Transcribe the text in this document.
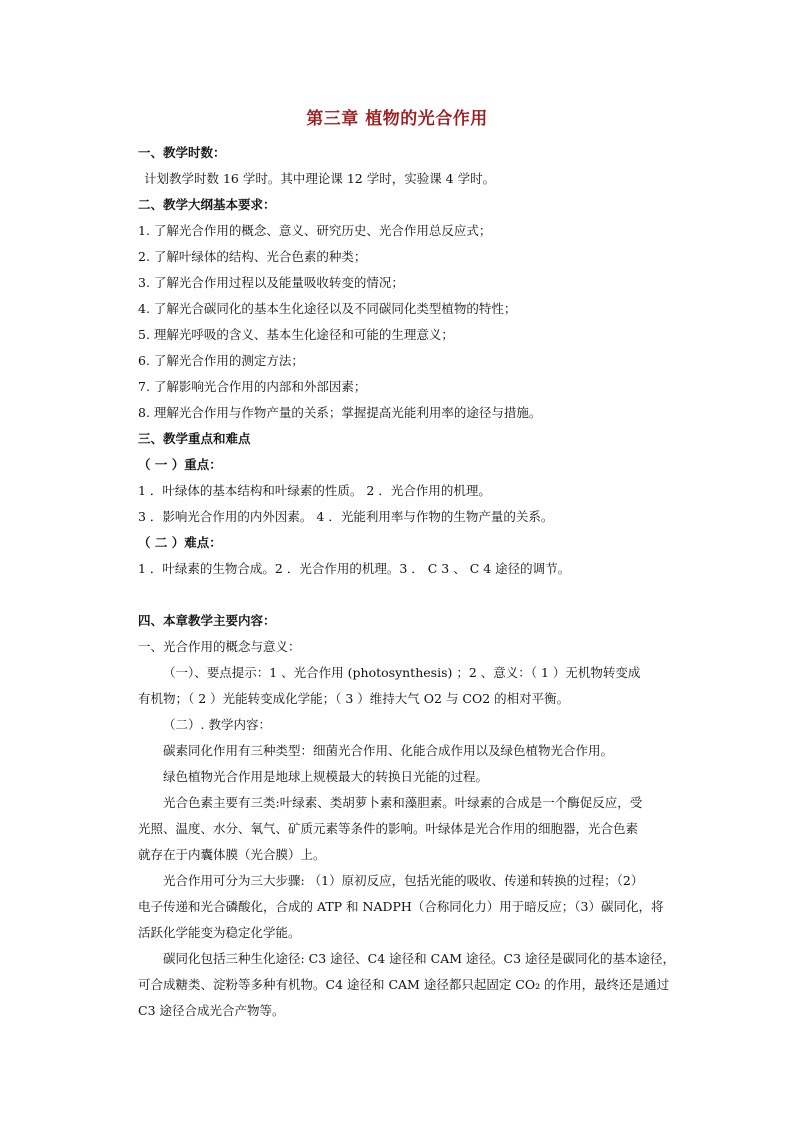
第三章 植物的光合作用
一、教学时数：
计划教学时数 16 学时。其中理论课 12 学时，实验课 4 学时。
二、教学大纲基本要求：
1. 了解光合作用的概念、意义、研究历史、光合作用总反应式；
2. 了解叶绿体的结构、光合色素的种类；
3. 了解光合作用过程以及能量吸收转变的情况；
4. 了解光合碳同化的基本生化途径以及不同碳同化类型植物的特性；
5. 理解光呼吸的含义、基本生化途径和可能的生理意义；
6. 了解光合作用的测定方法；
7. 了解影响光合作用的内部和外部因素；
8. 理解光合作用与作物产量的关系；掌握提高光能利用率的途径与措施。
三、教学重点和难点
（ 一 ）重点：
1 ．叶绿体的基本结构和叶绿素的性质。 2 ．光合作用的机理。
3 ．影响光合作用的内外因素。 4 ．光能利用率与作物的生物产量的关系。
（ 二 ）难点：
1 ．叶绿素的生物合成。2 ．光合作用的机理。3 ． C 3 、 C 4 途径的调节。
四、本章教学主要内容：
一、光合作用的概念与意义：
（一）、要点提示：1 、光合作用 (photosynthesis) ；2 、意义：（ 1 ）无机物转变成
有机物；（ 2 ）光能转变成化学能；（ 3 ）维持大气 O2 与 CO2 的相对平衡。
（二）. 教学内容：
碳素同化作用有三种类型：细菌光合作用、化能合成作用以及绿色植物光合作用。
绿色植物光合作用是地球上规模最大的转换日光能的过程。
光合色素主要有三类:叶绿素、类胡萝卜素和藻胆素。叶绿素的合成是一个酶促反应，受
光照、温度、水分、氧气、矿质元素等条件的影响。叶绿体是光合作用的细胞器，光合色素
就存在于内囊体膜（光合膜）上。
光合作用可分为三大步骤: （1）原初反应，包括光能的吸收、传递和转换的过程；（2）
电子传递和光合磷酸化，合成的 ATP 和 NADPH（合称同化力）用于暗反应；（3）碳同化，将
活跃化学能变为稳定化学能。
碳同化包括三种生化途径: C3 途径、C4 途径和 CAM 途径。C3 途径是碳同化的基本途径，
可合成糖类、淀粉等多种有机物。C4 途径和 CAM 途径都只起固定 CO₂ 的作用，最终还是通过
C3 途径合成光合产物等。
